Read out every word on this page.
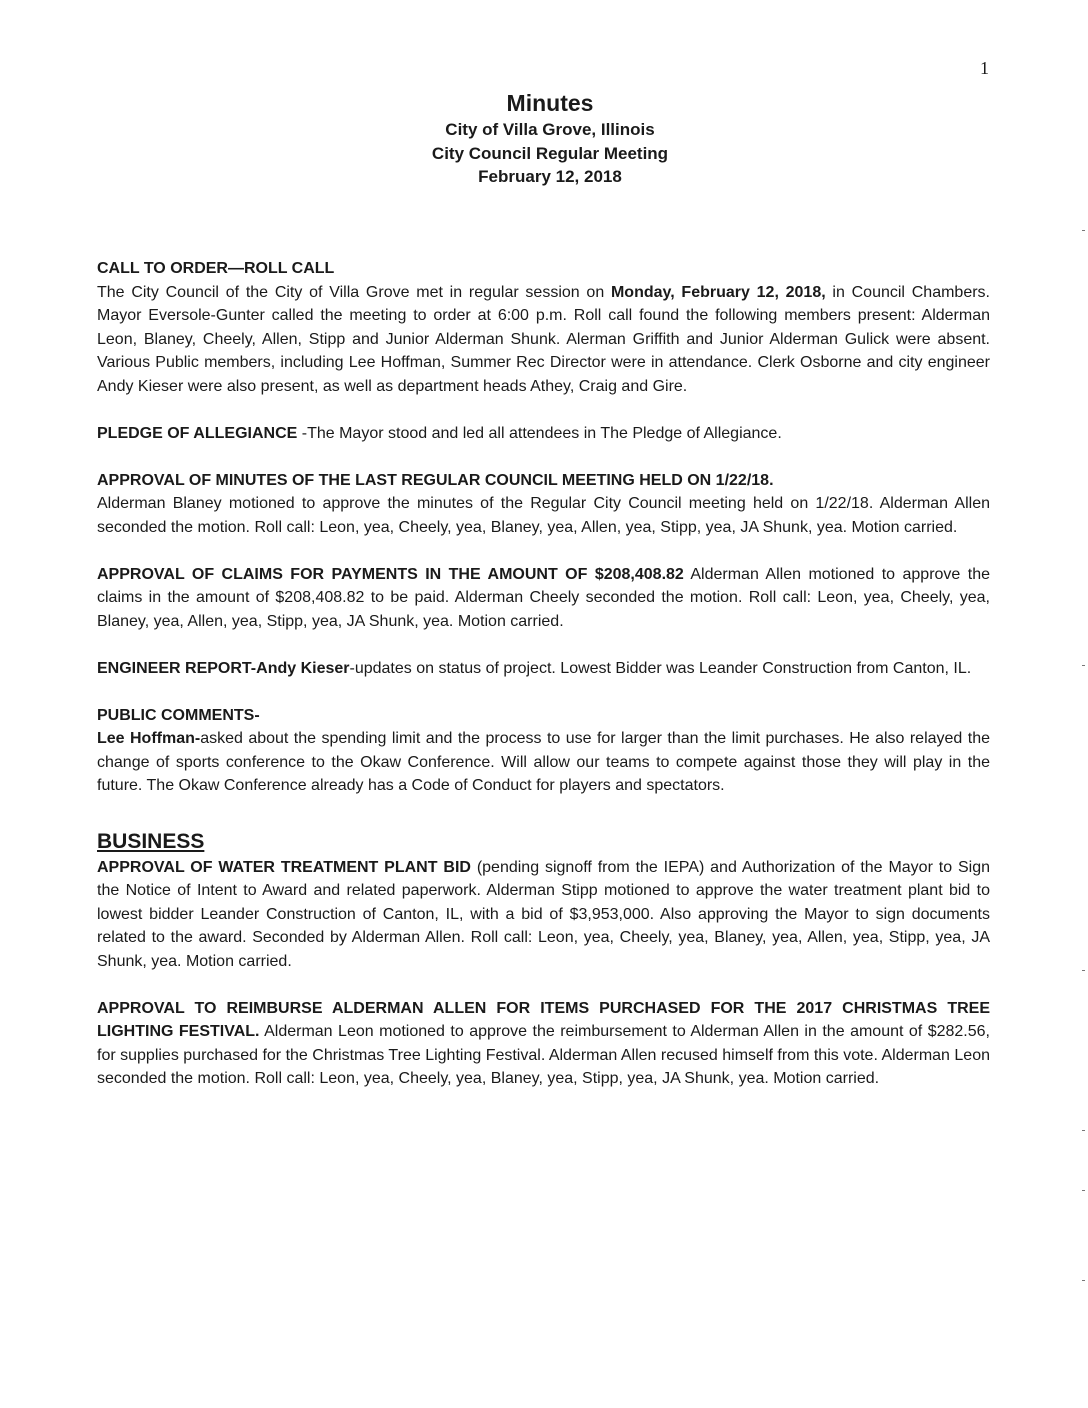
1
Minutes
City of Villa Grove, Illinois
City Council Regular Meeting
February 12, 2018

CALL TO ORDER—ROLL CALL

The City Council of the City of Villa Grove met in regular session on Monday, February 12, 2018, in Council Chambers. Mayor Eversole-Gunter called the meeting to order at 6:00 p.m. Roll call found the following members present: Alderman Leon, Blaney, Cheely, Allen, Stipp and Junior Alderman Shunk. Alerman Griffith and Junior Alderman Gulick were absent. Various Public members, including Lee Hoffman, Summer Rec Director were in attendance. Clerk Osborne and city engineer Andy Kieser were also present, as well as department heads Athey, Craig and Gire.

PLEDGE OF ALLEGIANCE -The Mayor stood and led all attendees in The Pledge of Allegiance.

APPROVAL OF MINUTES OF THE LAST REGULAR COUNCIL MEETING HELD ON 1/22/18.

Alderman Blaney motioned to approve the minutes of the Regular City Council meeting held on 1/22/18. Alderman Allen seconded the motion. Roll call: Leon, yea, Cheely, yea, Blaney, yea, Allen, yea, Stipp, yea, JA Shunk, yea. Motion carried.

APPROVAL OF CLAIMS FOR PAYMENTS IN THE AMOUNT OF $208,408.82 Alderman Allen motioned to approve the claims in the amount of $208,408.82 to be paid. Alderman Cheely seconded the motion. Roll call: Leon, yea, Cheely, yea, Blaney, yea, Allen, yea, Stipp, yea, JA Shunk, yea. Motion carried.

ENGINEER REPORT-Andy Kieser-updates on status of project. Lowest Bidder was Leander Construction from Canton, IL.

PUBLIC COMMENTS-

Lee Hoffman-asked about the spending limit and the process to use for larger than the limit purchases. He also relayed the change of sports conference to the Okaw Conference. Will allow our teams to compete against those they will play in the future. The Okaw Conference already has a Code of Conduct for players and spectators.

BUSINESS

APPROVAL OF WATER TREATMENT PLANT BID (pending signoff from the IEPA) and Authorization of the Mayor to Sign the Notice of Intent to Award and related paperwork. Alderman Stipp motioned to approve the water treatment plant bid to lowest bidder Leander Construction of Canton, IL, with a bid of $3,953,000. Also approving the Mayor to sign documents related to the award. Seconded by Alderman Allen. Roll call: Leon, yea, Cheely, yea, Blaney, yea, Allen, yea, Stipp, yea, JA Shunk, yea. Motion carried.

APPROVAL TO REIMBURSE ALDERMAN ALLEN FOR ITEMS PURCHASED FOR THE 2017 CHRISTMAS TREE LIGHTING FESTIVAL. Alderman Leon motioned to approve the reimbursement to Alderman Allen in the amount of $282.56, for supplies purchased for the Christmas Tree Lighting Festival. Alderman Allen recused himself from this vote. Alderman Leon seconded the motion. Roll call: Leon, yea, Cheely, yea, Blaney, yea, Stipp, yea, JA Shunk, yea. Motion carried.
